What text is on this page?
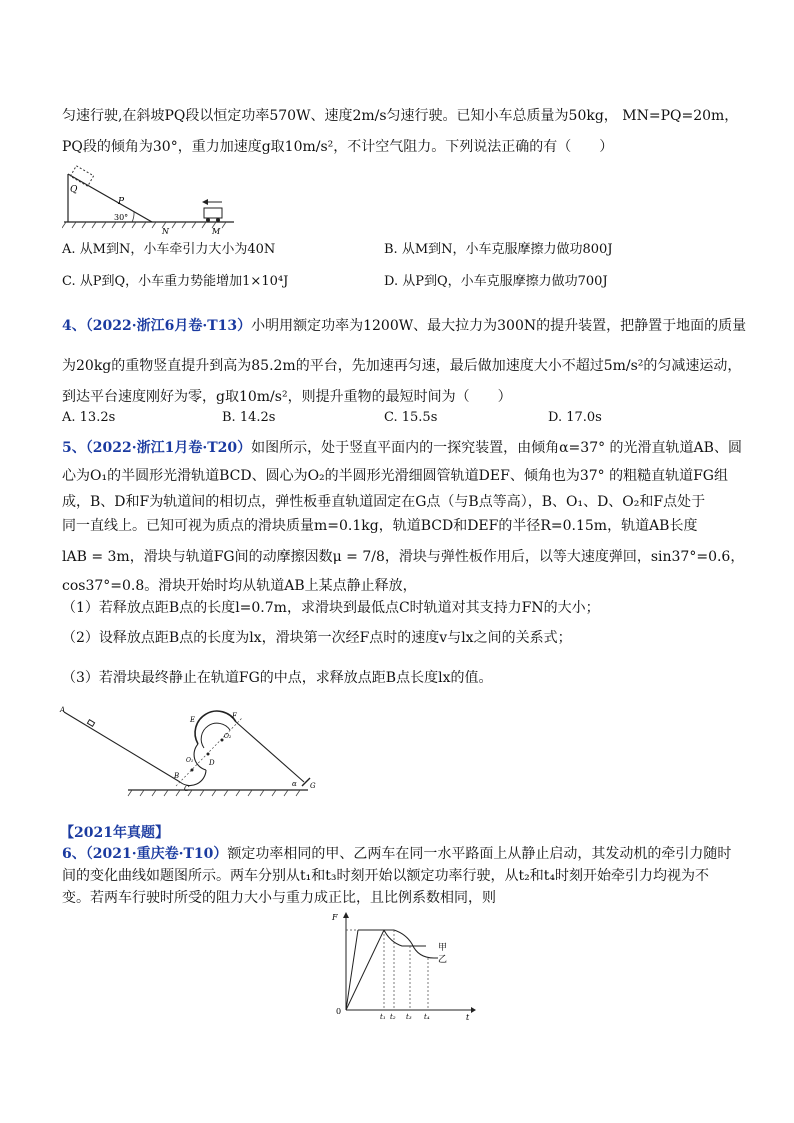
匀速行驶,在斜坡PQ段以恒定功率570W、速度2m/s匀速行驶。已知小车总质量为50kg， MN=PQ=20m，
PQ段的倾角为30°，重力加速度g取10m/s²，不计空气阻力。下列说法正确的有（　　）
Q
P
30°
N	M
A. 从M到N，小车牵引力大小为40N	B. 从M到N，小车克服摩擦力做功800J
C. 从P到Q，小车重力势能增加1×10⁴J	D. 从P到Q，小车克服摩擦力做功700J
4、（2022·浙江6月卷·T13）小明用额定功率为1200W、最大拉力为300N的提升装置，把静置于地面的质量
为20kg的重物竖直提升到高为85.2m的平台，先加速再匀速，最后做加速度大小不超过5m/s²的匀减速运动，
到达平台速度刚好为零，g取10m/s²，则提升重物的最短时间为（　　）
A. 13.2s	B. 14.2s	C. 15.5s	D. 17.0s
5、（2022·浙江1月卷·T20）如图所示，处于竖直平面内的一探究装置，由倾角α=37° 的光滑直轨道AB、圆
心为O₁的半圆形光滑轨道BCD、圆心为O₂的半圆形光滑细圆管轨道DEF、倾角也为37° 的粗糙直轨道FG组
成，B、D和F为轨道间的相切点，弹性板垂直轨道固定在G点（与B点等高），B、O₁、D、O₂和F点处于
同一直线上。已知可视为质点的滑块质量m=0.1kg，轨道BCD和DEF的半径R=0.15m，轨道AB长度
lAB = 3m，滑块与轨道FG间的动摩擦因数μ = 7/8，滑块与弹性板作用后，以等大速度弹回，sin37°=0.6，
cos37°=0.8。滑块开始时均从轨道AB上某点静止释放，
（1）若释放点距B点的长度l=0.7m，求滑块到最低点C时轨道对其支持力FN的大小；
（2）设释放点距B点的长度为lx，滑块第一次经F点时的速度v与lx之间的关系式；
（3）若滑块最终静止在轨道FG的中点，求释放点距B点长度lx的值。
A
B
C
D
E	F
G
O₁
O₂
α
【2021年真题】
6、（2021·重庆卷·T10）额定功率相同的甲、乙两车在同一水平路面上从静止启动，其发动机的牵引力随时
间的变化曲线如题图所示。两车分别从t₁和t₃时刻开始以额定功率行驶，从t₂和t₄时刻开始牵引力均视为不
变。若两车行驶时所受的阻力大小与重力成正比，且比例系数相同，则
F
0
t
甲
乙
t₁ t₂ t₃ t₄
